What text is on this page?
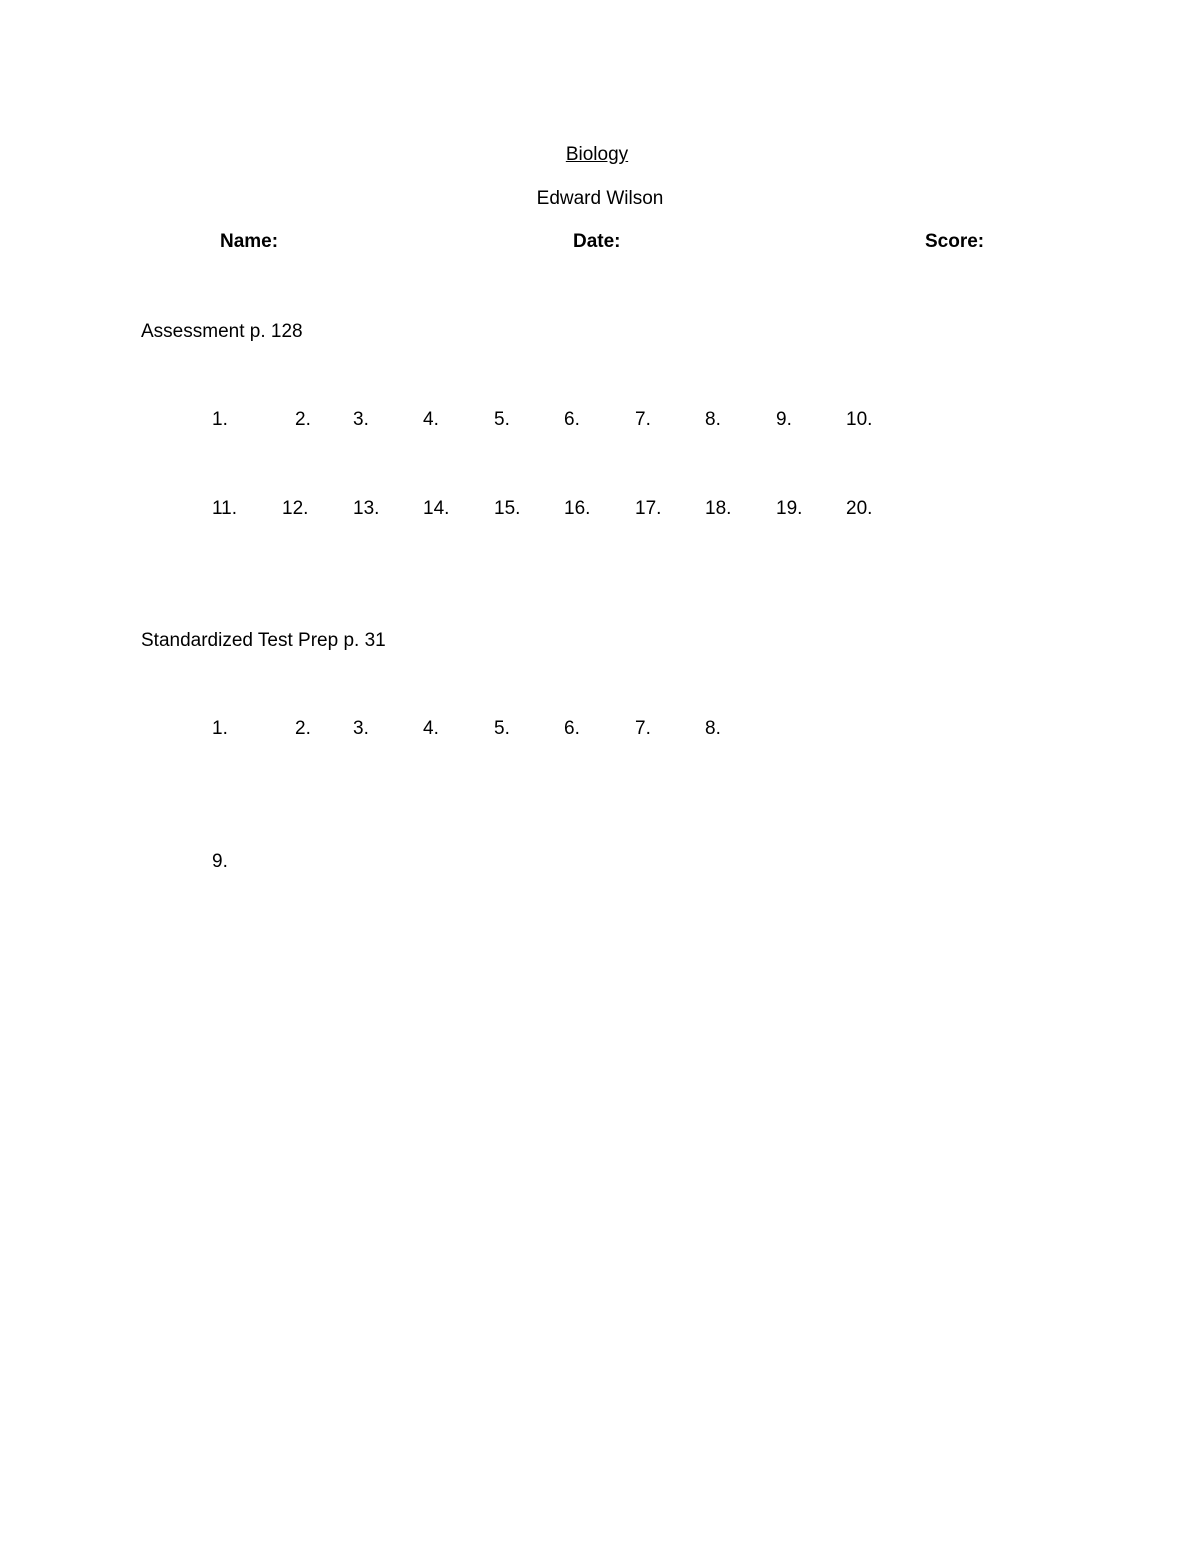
Biology
Edward Wilson
Name:	Date:	Score:
Assessment p. 128
1.	2. 3.	4.	5.	6.	7.	8.	9.	10.
11. 12. 13. 14. 15. 16. 17. 18. 19. 20.
Standardized Test Prep p. 31
1.	2. 3.	4.	5.	6.	7.	8.
9.
